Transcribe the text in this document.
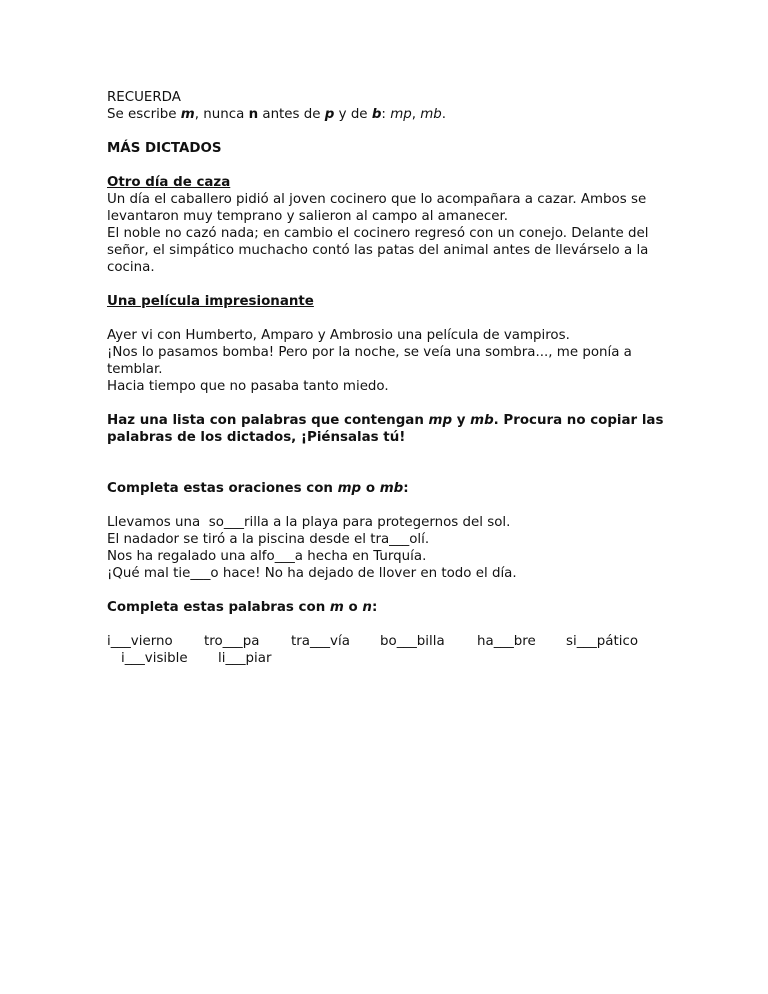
RECUERDA

Se escribe m, nunca n antes de p y de b: mp, mb.

MÁS DICTADOS

Otro día de caza

Un día el caballero pidió al joven cocinero que lo acompañara a cazar. Ambos se

levantaron muy temprano y salieron al campo al amanecer.

El noble no cazó nada; en cambio el cocinero regresó con un conejo. Delante del

señor, el simpático muchacho contó las patas del animal antes de llevárselo a la

cocina.

Una película impresionante

Ayer vi con Humberto, Amparo y Ambrosio una película de vampiros.

¡Nos lo pasamos bomba! Pero por la noche, se veía una sombra..., me ponía a

temblar.

Hacia tiempo que no pasaba tanto miedo.

Haz una lista con palabras que contengan mp y mb. Procura no copiar las

palabras de los dictados, ¡Piénsalas tú!

Completa estas oraciones con mp o mb:

Llevamos una  so___rilla a la playa para protegernos del sol.

El nadador se tiró a la piscina desde el tra___olí.

Nos ha regalado una alfo___a hecha en Turquía.

¡Qué mal tie___o hace! No ha dejado de llover en todo el día.

Completa estas palabras con m o n:

i___vierno tro___pa tra___vía bo___billa ha___bre si___pático

i___visible li___piar
